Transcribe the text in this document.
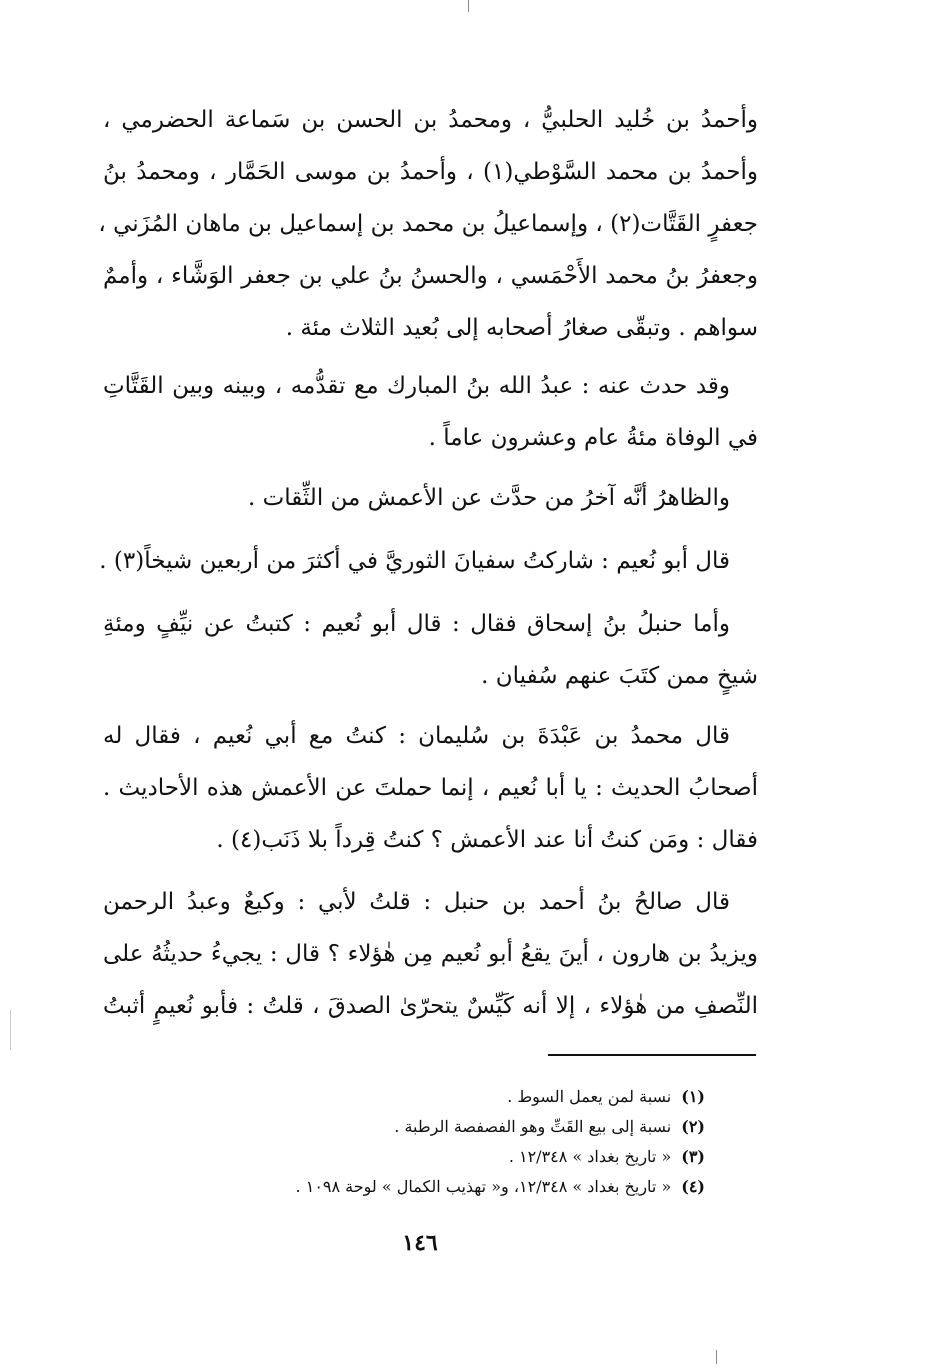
وأحمدُ بن خُليد الحلبيُّ ، ومحمدُ بن الحسن بن سَماعة الحضرمي ،
وأحمدُ بن محمد السَّوْطي(١) ، وأحمدُ بن موسى الحَمَّار ، ومحمدُ بنُ
جعفرٍ القَتَّات(٢) ، وإسماعيلُ بن محمد بن إسماعيل بن ماهان المُزَني ،
وجعفرُ بنُ محمد الأَحْمَسي ، والحسنُ بنُ علي بن جعفر الوَشَّاء ، وأممٌ
سواهم . وتبقّى صغارُ أصحابه إلى بُعيد الثلاث مئة .
وقد حدث عنه : عبدُ الله بنُ المبارك مع تقدُّمه ، وبينه وبين القَتَّاتِ
في الوفاة مئةُ عام وعشرون عاماً .
والظاهرُ أنَّه آخرُ من حدَّث عن الأعمش من الثِّقات .
قال أبو نُعيم : شاركتُ سفيانَ الثوريَّ في أكثرَ من أربعين شيخاً(٣) .
وأما حنبلُ بنُ إسحاق فقال : قال أبو نُعيم : كتبتُ عن نيِّفٍ ومئةِ
شيخٍ ممن كتَبَ عنهم سُفيان .
قال محمدُ بن عَبْدَةَ بن سُليمان : كنتُ مع أبي نُعيم ، فقال له
أصحابُ الحديث : يا أبا نُعيم ، إنما حملتَ عن الأعمش هذه الأحاديث .
فقال : ومَن كنتُ أنا عند الأعمش ؟ كنتُ قِرداً بلا ذَنَب(٤) .
قال صالحُ بنُ أحمد بن حنبل : قلتُ لأبي : وكيعٌ وعبدُ الرحمن
ويزيدُ بن هارون ، أينَ يقعُ أبو نُعيم مِن هٰؤلاء ؟ قال : يجيءُ حديثُهُ على
النِّصفِ من هٰؤلاء ، إلا أنه كَيِّسٌ يتحرّىٰ الصدقَ ، قلتُ : فأبو نُعيمٍ أثبتُ
(١)نسبة لمن يعمل السوط .
(٢)نسبة إلى بيع القَتِّ وهو الفصفصة الرطبة .
(٣)« تاريخ بغداد » ١٢/٣٤٨ .
(٤)« تاريخ بغداد » ١٢/٣٤٨، و« تهذيب الكمال » لوحة ١٠٩٨ .
١٤٦
